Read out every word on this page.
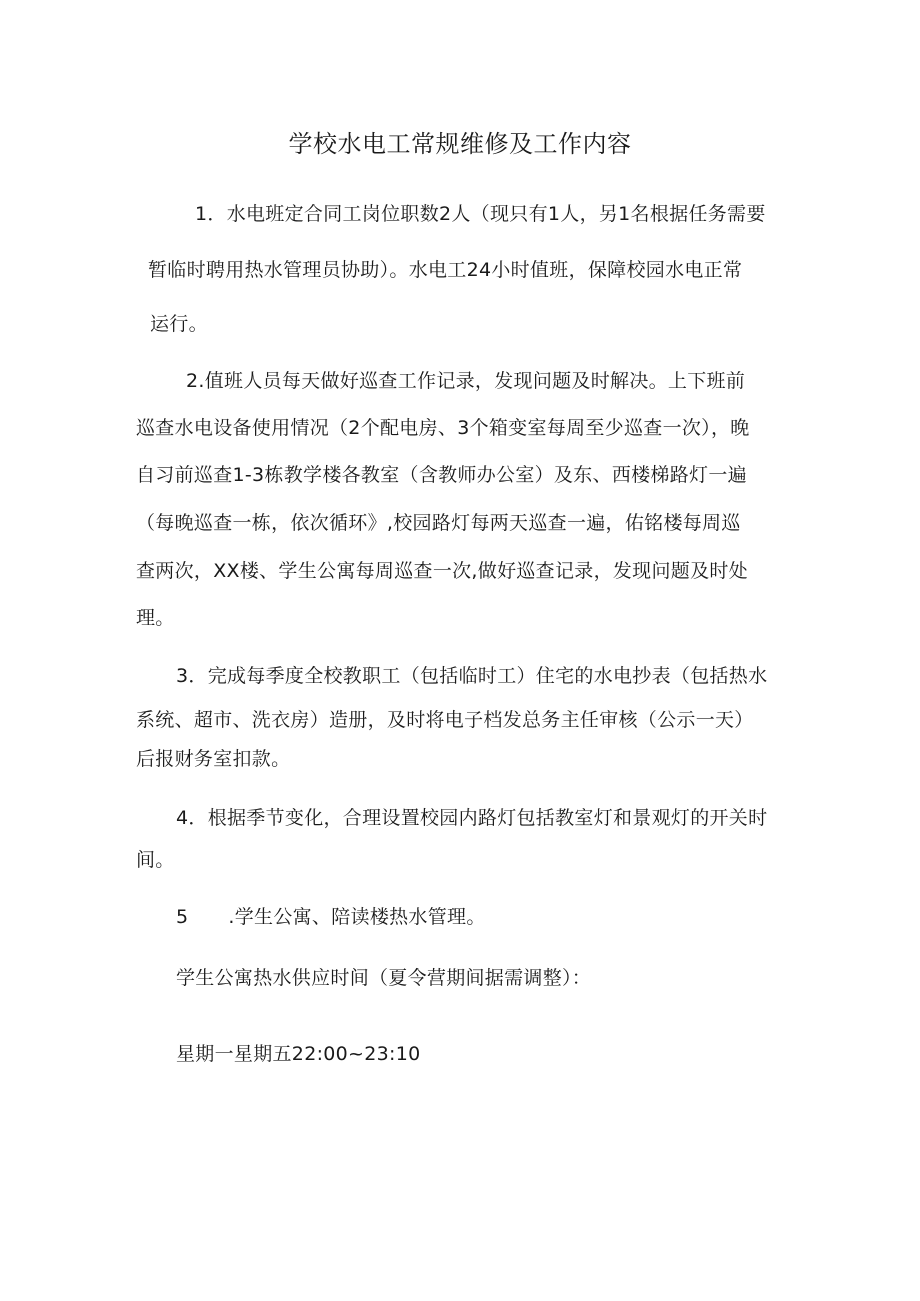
学校水电工常规维修及工作内容
1．水电班定合同工岗位职数2人（现只有1人，另1名根据任务需要
暂临时聘用热水管理员协助）。水电工24小时值班，保障校园水电正常
运行。
2.值班人员每天做好巡查工作记录，发现问题及时解决。上下班前
巡查水电设备使用情况（2个配电房、3个箱变室每周至少巡查一次），晚
自习前巡查1-3栋教学楼各教室（含教师办公室）及东、西楼梯路灯一遍
（每晚巡查一栋，依次循环》,校园路灯每两天巡查一遍，佑铭楼每周巡
查两次，XX楼、学生公寓每周巡查一次,做好巡查记录，发现问题及时处
理。
3．完成每季度全校教职工（包括临时工）住宅的水电抄表（包括热水
系统、超市、洗衣房）造册，及时将电子档发总务主任审核（公示一天）
后报财务室扣款。
4．根据季节变化，合理设置校园内路灯包括教室灯和景观灯的开关时
间。
5 .学生公寓、陪读楼热水管理。
学生公寓热水供应时间（夏令营期间据需调整）：
星期一星期五22:00~23:10
